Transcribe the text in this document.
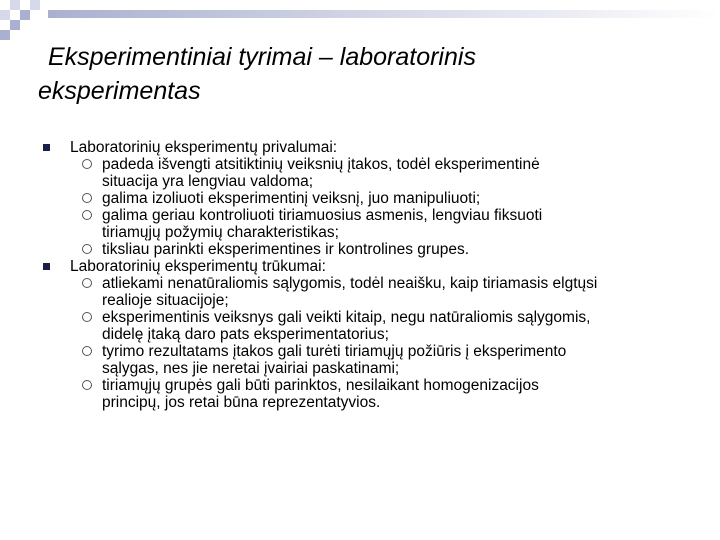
Eksperimentiniai tyrimai – laboratorinis
eksperimentas
Laboratorinių eksperimentų privalumai:
padeda išvengti atsitiktinių veiksnių įtakos, todėl eksperimentinė
situacija yra lengviau valdoma;
galima izoliuoti eksperimentinį veiksnį, juo manipuliuoti;
galima geriau kontroliuoti tiriamuosius asmenis, lengviau fiksuoti
tiriamųjų požymių charakteristikas;
tiksliau parinkti eksperimentines ir kontrolines grupes.
Laboratorinių eksperimentų trūkumai:
atliekami nenatūraliomis sąlygomis, todėl neaišku, kaip tiriamasis elgtųsi
realioje situacijoje;
eksperimentinis veiksnys gali veikti kitaip, negu natūraliomis sąlygomis,
didelę įtaką daro pats eksperimentatorius;
tyrimo rezultatams įtakos gali turėti tiriamųjų požiūris į eksperimento
sąlygas, nes jie neretai įvairiai paskatinami;
tiriamųjų grupės gali būti parinktos, nesilaikant homogenizacijos
principų, jos retai būna reprezentatyvios.
